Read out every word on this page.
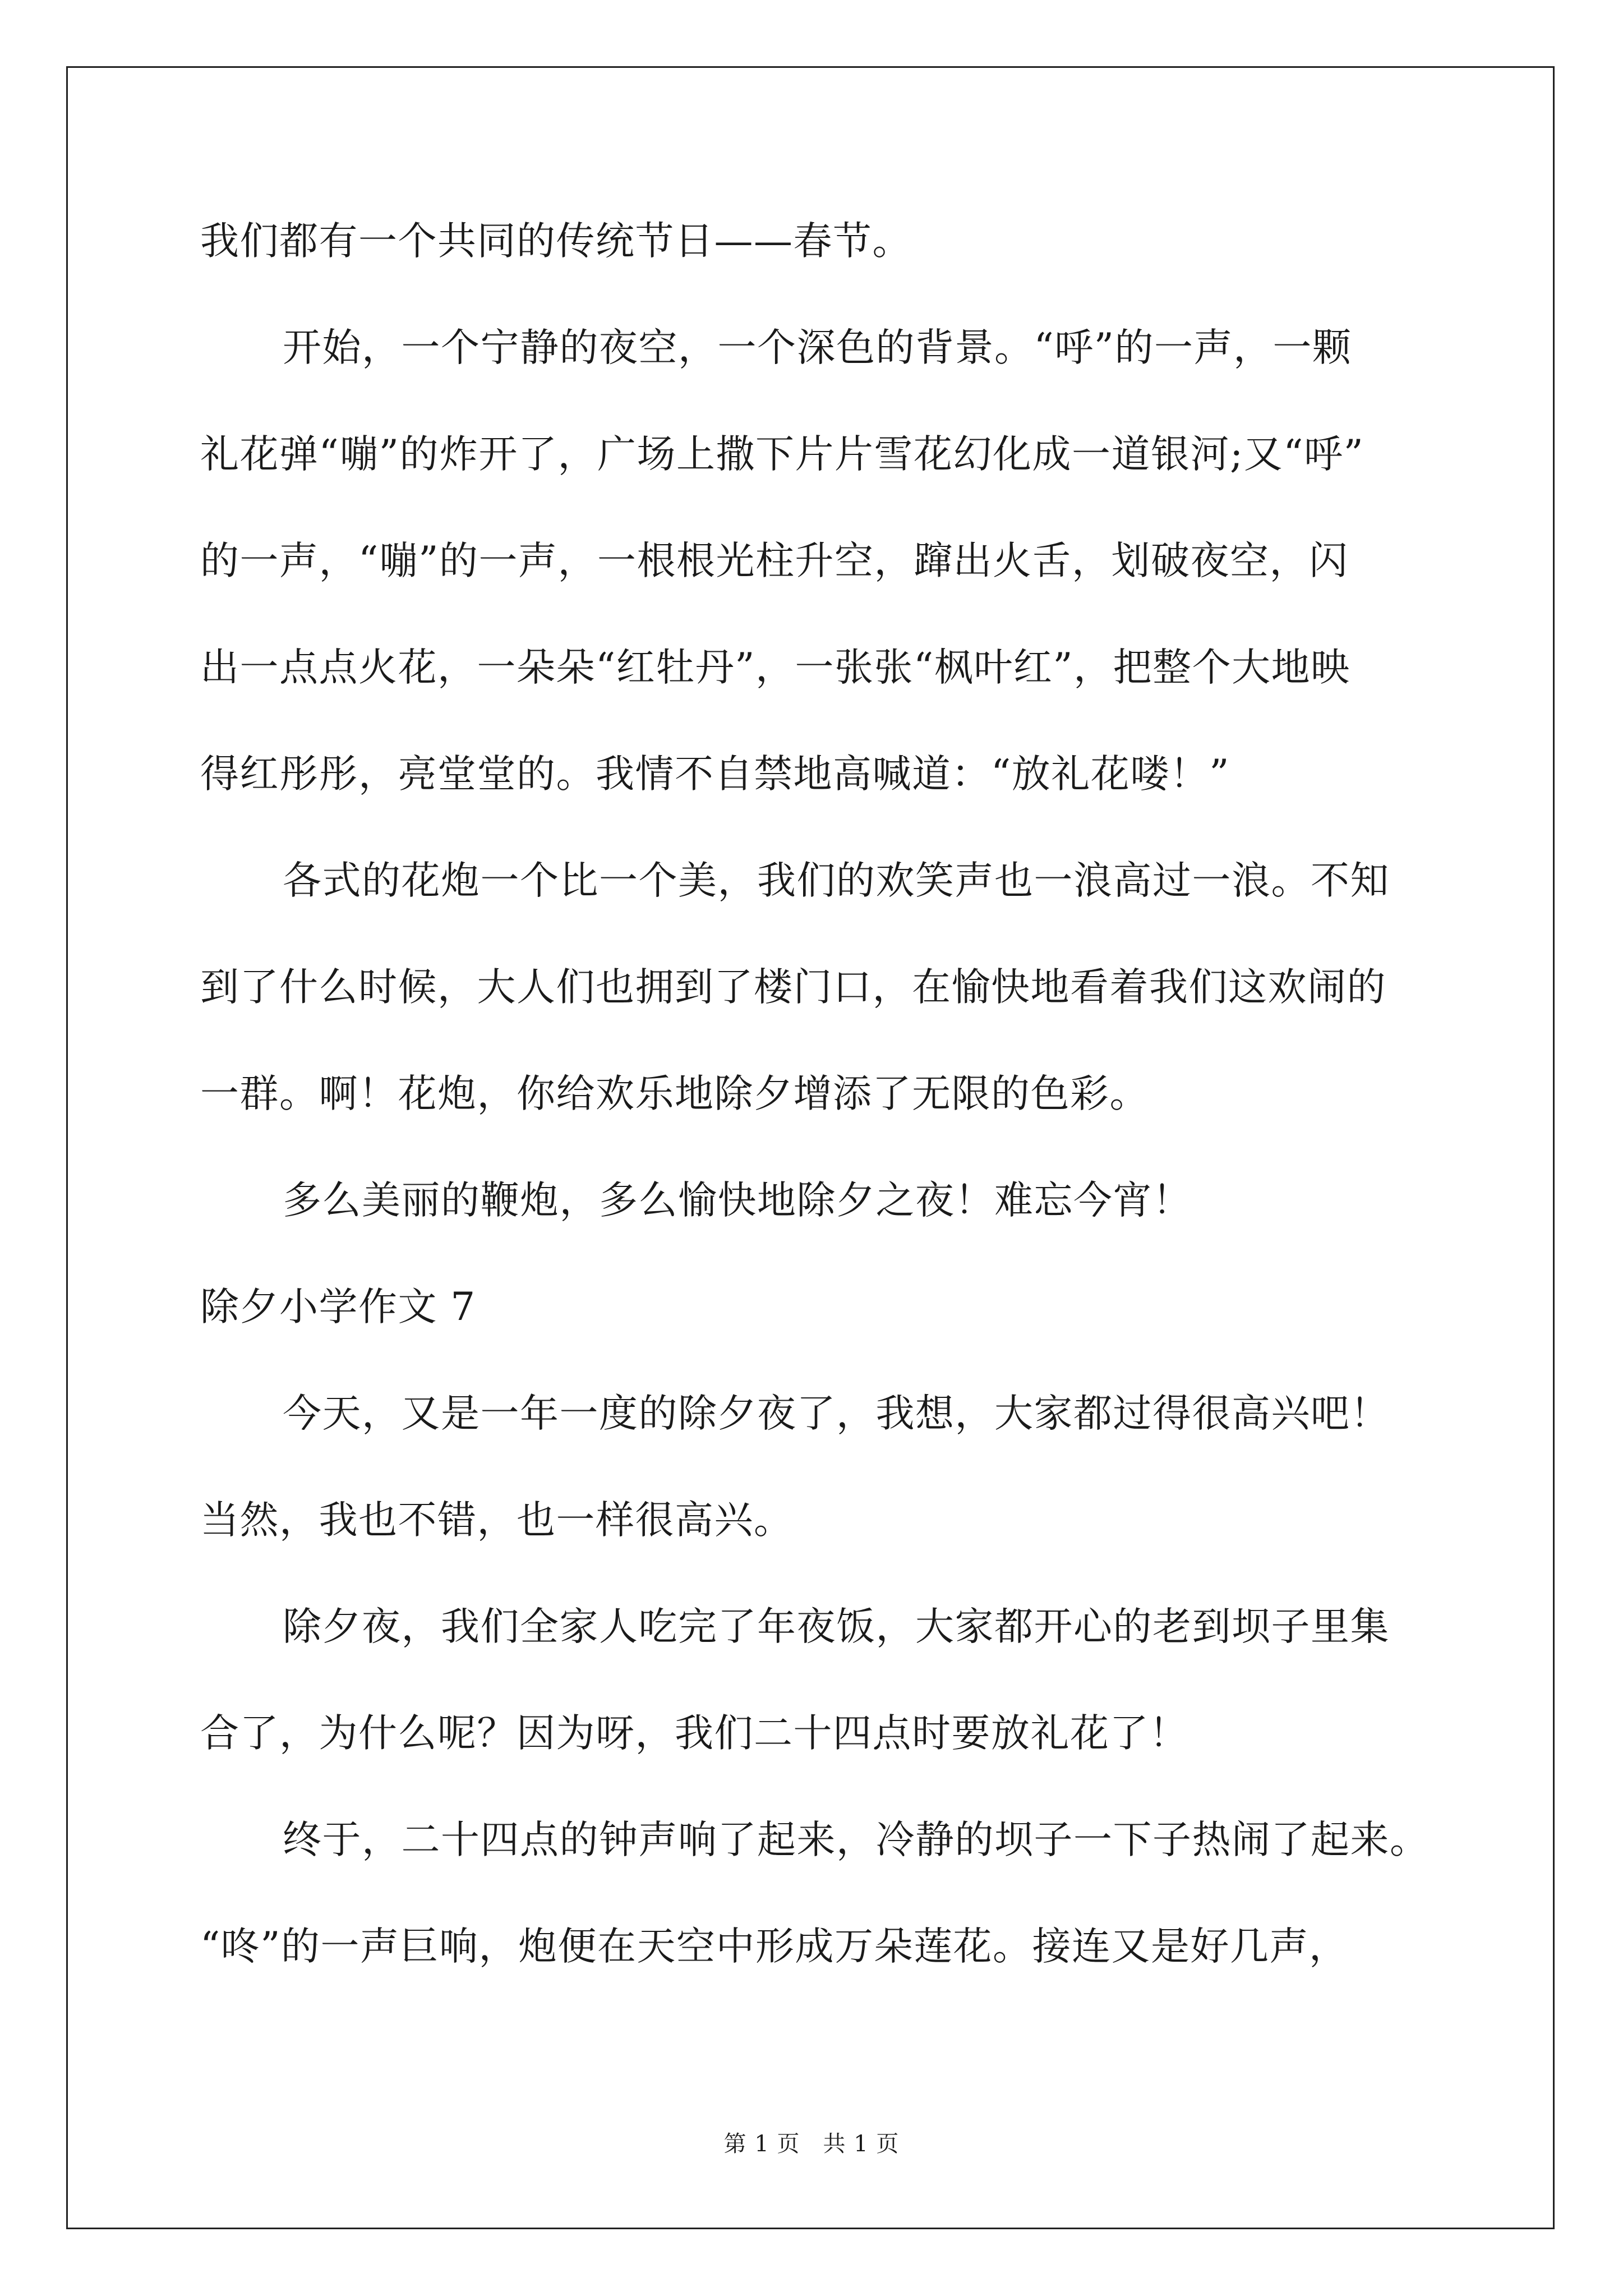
我们都有一个共同的传统节日——春节。
开始，一个宁静的夜空，一个深色的背景。“呼”的一声，一颗
礼花弹“嘣”的炸开了，广场上撒下片片雪花幻化成一道银河;又“呼”
的一声，“嘣”的一声，一根根光柱升空，蹿出火舌，划破夜空，闪
出一点点火花，一朵朵“红牡丹”，一张张“枫叶红”，把整个大地映
得红彤彤，亮堂堂的。我情不自禁地高喊道：“放礼花喽！”
各式的花炮一个比一个美，我们的欢笑声也一浪高过一浪。不知
到了什么时候，大人们也拥到了楼门口，在愉快地看着我们这欢闹的
一群。啊！花炮，你给欢乐地除夕增添了无限的色彩。
多么美丽的鞭炮，多么愉快地除夕之夜！难忘今宵！
除夕小学作文 7
今天，又是一年一度的除夕夜了，我想，大家都过得很高兴吧！
当然，我也不错，也一样很高兴。
除夕夜，我们全家人吃完了年夜饭，大家都开心的老到坝子里集
合了，为什么呢？因为呀，我们二十四点时要放礼花了！
终于，二十四点的钟声响了起来，冷静的坝子一下子热闹了起来。
“咚”的一声巨响，炮便在天空中形成万朵莲花。接连又是好几声，
第 1 页　共 1 页
